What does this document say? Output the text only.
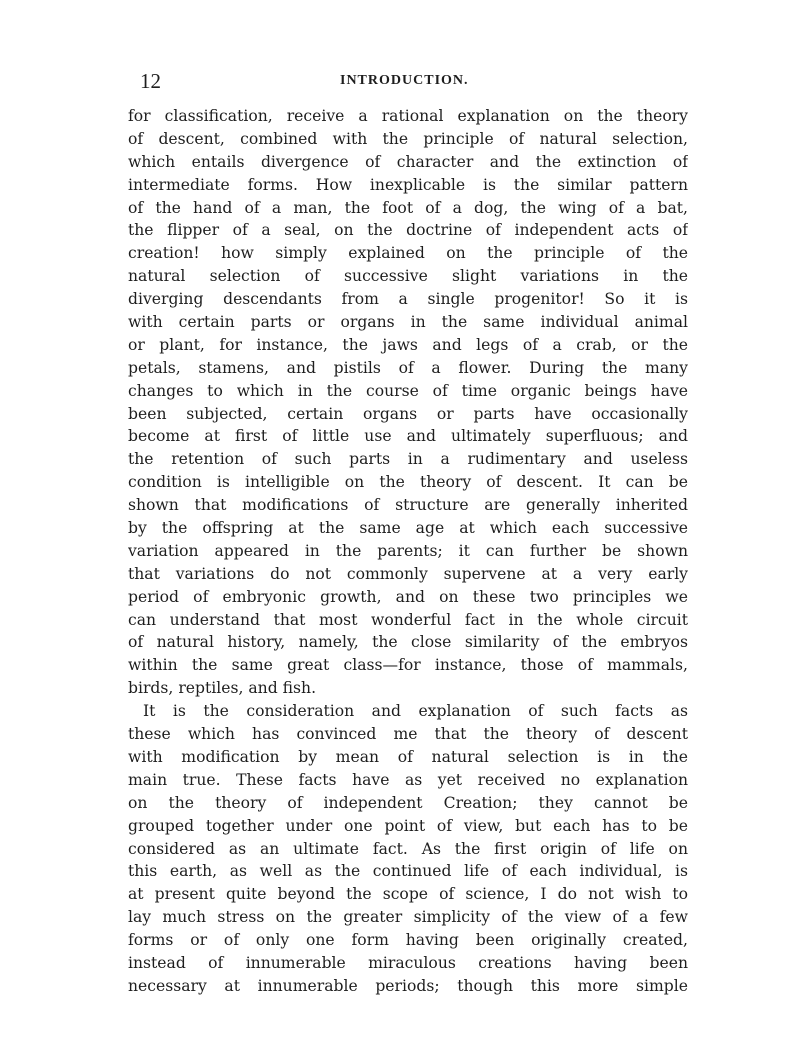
12	INTRODUCTION.
for classification, receive a rational explanation on the theory
of descent, combined with the principle of natural selection,
which entails divergence of character and the extinction of
intermediate forms. How inexplicable is the similar pattern
of the hand of a man, the foot of a dog, the wing of a bat,
the flipper of a seal, on the doctrine of independent acts of
creation! how simply explained on the principle of the
natural selection of successive slight variations in the
diverging descendants from a single progenitor! So it is
with certain parts or organs in the same individual animal
or plant, for instance, the jaws and legs of a crab, or the
petals, stamens, and pistils of a flower. During the many
changes to which in the course of time organic beings have
been subjected, certain organs or parts have occasionally
become at first of little use and ultimately superfluous; and
the retention of such parts in a rudimentary and useless
condition is intelligible on the theory of descent. It can be
shown that modifications of structure are generally inherited
by the offspring at the same age at which each successive
variation appeared in the parents; it can further be shown
that variations do not commonly supervene at a very early
period of embryonic growth, and on these two principles we
can understand that most wonderful fact in the whole circuit
of natural history, namely, the close similarity of the embryos
within the same great class—for instance, those of mammals,
birds, reptiles, and fish.
It is the consideration and explanation of such facts as
these which has convinced me that the theory of descent
with modification by mean of natural selection is in the
main true. These facts have as yet received no explanation
on the theory of independent Creation; they cannot be
grouped together under one point of view, but each has to be
considered as an ultimate fact. As the first origin of life on
this earth, as well as the continued life of each individual, is
at present quite beyond the scope of science, I do not wish to
lay much stress on the greater simplicity of the view of a few
forms or of only one form having been originally created,
instead of innumerable miraculous creations having been
necessary at innumerable periods; though this more simple
